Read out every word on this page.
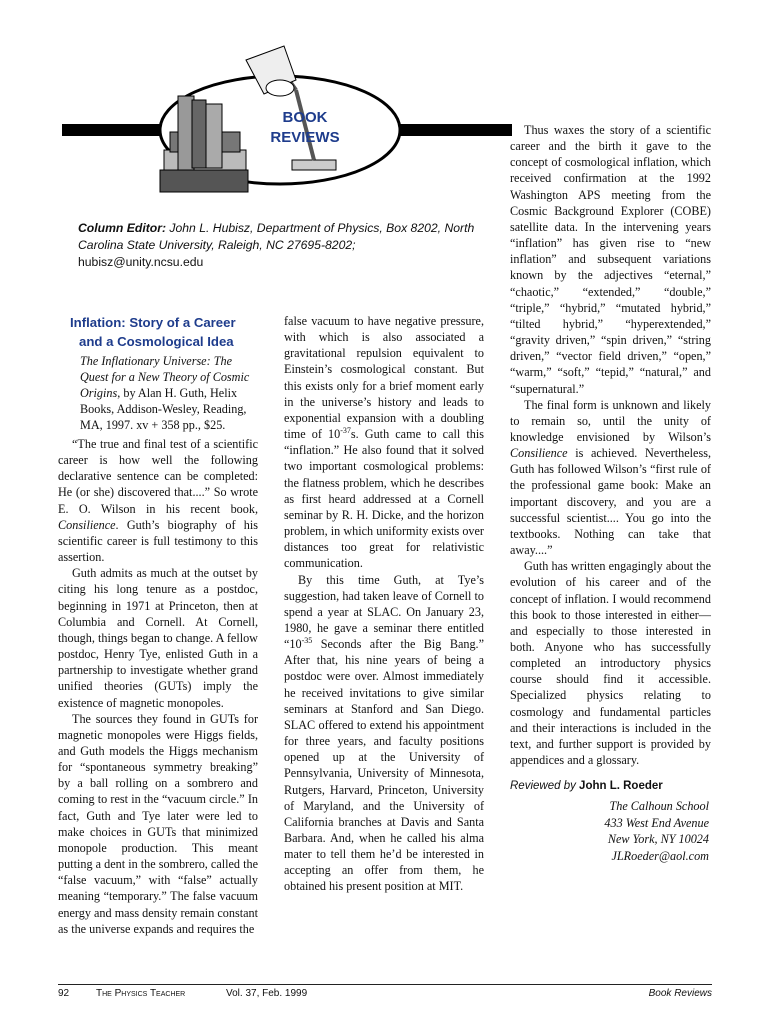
BOOK
REVIEWS
Column Editor: John L. Hubisz, Department of Physics, Box 8202, North Carolina State University, Raleigh, NC 27695-8202;
hubisz@unity.ncsu.edu
Inflation: Story of a Career
and a Cosmological Idea
The Inflationary Universe: The Quest for a New Theory of Cosmic Origins, by Alan H. Guth, Helix Books, Addison-Wesley, Reading, MA, 1997. xv + 358 pp., $25.

“The true and final test of a scientific career is how well the following declarative sentence can be completed: He (or she) discovered that....” So wrote E. O. Wilson in his recent book, Consilience. Guth’s biography of his scientific career is full testimony to this assertion.

Guth admits as much at the outset by citing his long tenure as a postdoc, beginning in 1971 at Princeton, then at Columbia and Cornell. At Cornell, though, things began to change. A fellow postdoc, Henry Tye, enlisted Guth in a partnership to investigate whether grand unified theories (GUTs) imply the existence of magnetic monopoles.

The sources they found in GUTs for magnetic monopoles were Higgs fields, and Guth models the Higgs mechanism for “spontaneous symmetry breaking” by a ball rolling on a sombrero and coming to rest in the “vacuum circle.” In fact, Guth and Tye later were led to make choices in GUTs that minimized monopole production. This meant putting a dent in the sombrero, called the “false vacuum,” with “false” actually meaning “temporary.” The false vacuum energy and mass density remain constant as the universe expands and requires the

false vacuum to have negative pressure, with which is also associated a gravitational repulsion equivalent to Einstein’s cosmological constant. But this exists only for a brief moment early in the universe’s history and leads to exponential expansion with a doubling time of $10^{-37}s$. Guth came to call this “inflation.” He also found that it solved two important cosmological problems: the flatness problem, which he describes as first heard addressed at a Cornell seminar by R. H. Dicke, and the horizon problem, in which uniformity exists over distances too great for relativistic communication.

By this time Guth, at Tye’s suggestion, had taken leave of Cornell to spend a year at SLAC. On January 23, 1980, he gave a seminar there entitled “$10^{-35}$ Seconds after the Big Bang.” After that, his nine years of being a postdoc were over. Almost immediately he received invitations to give similar seminars at Stanford and San Diego. SLAC offered to extend his appointment for three years, and faculty positions opened up at the University of Pennsylvania, University of Minnesota, Rutgers, Harvard, Princeton, University of Maryland, and the University of California branches at Davis and Santa Barbara. And, when he called his alma mater to tell them he’d be interested in accepting an offer from them, he obtained his present position at MIT.

Thus waxes the story of a scientific career and the birth it gave to the concept of cosmological inflation, which received confirmation at the 1992 Washington APS meeting from the Cosmic Background Explorer (COBE) satellite data. In the intervening years “inflation” has given rise to “new inflation” and subsequent variations known by the adjectives “eternal,” “chaotic,” “extended,” “double,” “triple,” “hybrid,” “mutated hybrid,” “tilted hybrid,” “hyperextended,” “gravity driven,” “spin driven,” “string driven,” “vector field driven,” “open,” “warm,” “soft,” “tepid,” “natural,” and “supernatural.”

The final form is unknown and likely to remain so, until the unity of knowledge envisioned by Wilson’s Consilience is achieved. Nevertheless, Guth has followed Wilson’s “first rule of the professional game book: Make an important discovery, and you are a successful scientist.... You go into the textbooks. Nothing can take that away....”

Guth has written engagingly about the evolution of his career and of the concept of inflation. I would recommend this book to those interested in either—and especially to those interested in both. Anyone who has successfully completed an introductory physics course should find it accessible. Specialized physics relating to cosmology and fundamental particles and their interactions is included in the text, and further support is provided by appendices and a glossary.

Reviewed by John L. Roeder
The Calhoun School
433 West End Avenue
New York, NY 10024
JLRoeder@aol.com
92	The Physics Teacher	Vol. 37, Feb. 1999	Book Reviews
